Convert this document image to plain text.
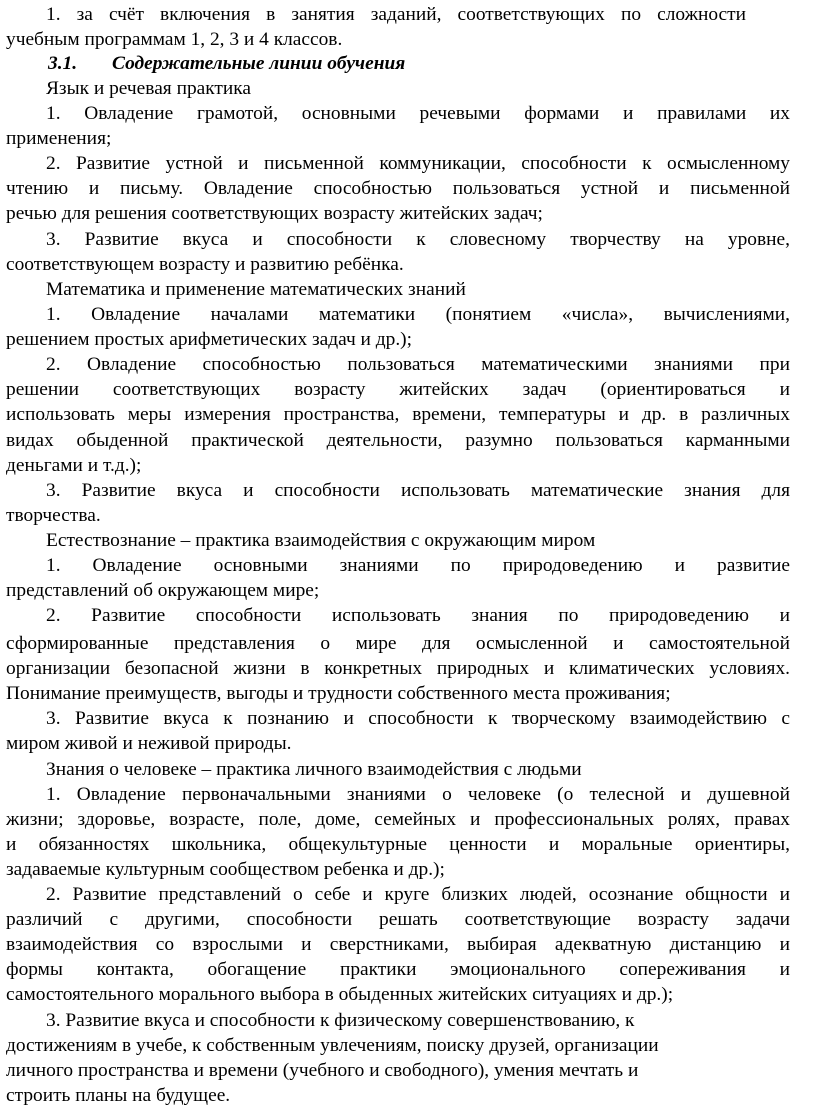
1. за счёт включения в занятия заданий, соответствующих по сложности
учебным программам 1, 2, 3 и 4 классов.
3.1. Содержательные линии обучения
Язык и речевая практика
1. Овладение грамотой, основными речевыми формами и правилами их
применения;
2. Развитие устной и письменной коммуникации, способности к осмысленному
чтению и письму. Овладение способностью пользоваться устной и письменной
речью для решения соответствующих возрасту житейских задач;
3. Развитие вкуса и способности к словесному творчеству на уровне,
соответствующем возрасту и развитию ребёнка.
Математика и применение математических знаний
1. Овладение началами математики (понятием «числа», вычислениями,
решением простых арифметических задач и др.);
2. Овладение способностью пользоваться математическими знаниями при
решении соответствующих возрасту житейских задач (ориентироваться и
использовать меры измерения пространства, времени, температуры и др. в различных
видах обыденной практической деятельности, разумно пользоваться карманными
деньгами и т.д.);
3. Развитие вкуса и способности использовать математические знания для
творчества.
Естествознание – практика взаимодействия с окружающим миром
1. Овладение основными знаниями по природоведению и развитие
представлений об окружающем мире;
2. Развитие способности использовать знания по природоведению и
сформированные представления о мире для осмысленной и самостоятельной
организации безопасной жизни в конкретных природных и климатических условиях.
Понимание преимуществ, выгоды и трудности собственного места проживания;
3. Развитие вкуса к познанию и способности к творческому взаимодействию с
миром живой и неживой природы.
Знания о человеке – практика личного взаимодействия с людьми
1. Овладение первоначальными знаниями о человеке (о телесной и душевной
жизни; здоровье, возрасте, поле, доме, семейных и профессиональных ролях, правах
и обязанностях школьника, общекультурные ценности и моральные ориентиры,
задаваемые культурным сообществом ребенка и др.);
2. Развитие представлений о себе и круге близких людей, осознание общности и
различий с другими, способности решать соответствующие возрасту задачи
взаимодействия со взрослыми и сверстниками, выбирая адекватную дистанцию и
формы контакта, обогащение практики эмоционального сопереживания и
самостоятельного морального выбора в обыденных житейских ситуациях и др.);
3. Развитие вкуса и способности к физическому совершенствованию, к
достижениям в учебе, к собственным увлечениям, поиску друзей, организации
личного пространства и времени (учебного и свободного), умения мечтать и
строить планы на будущее.
